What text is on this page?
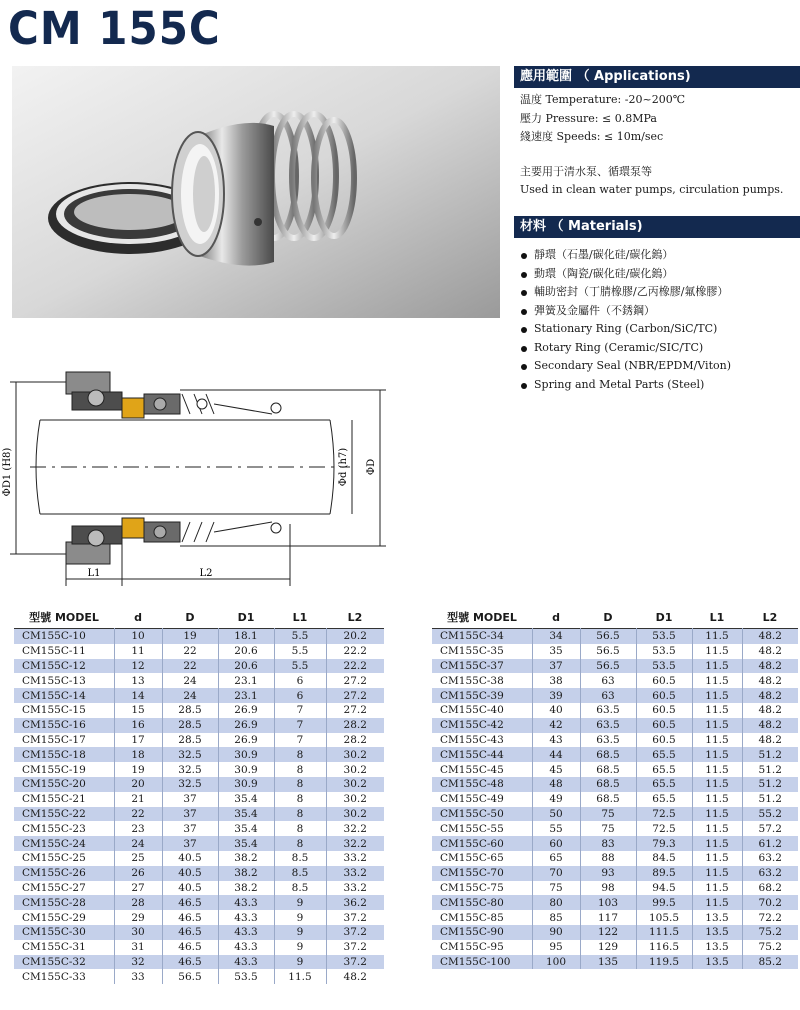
CM 155C
應用範圍 （ Applications)
温度 Temperature: -20~200℃
壓力 Pressure: ≤ 0.8MPa
綫速度 Speeds: ≤ 10m/sec
主要用于清水泵、循環泵等
Used in clean water pumps, circulation pumps.
材料 （ Materials)
靜環（石墨/碳化硅/碳化鎢）
動環（陶瓷/碳化硅/碳化鎢）
輔助密封（丁腈橡膠/乙丙橡膠/氟橡膠）
彈簧及金屬件（不銹鋼）
Stationary Ring (Carbon/SiC/TC)
Rotary Ring (Ceramic/SIC/TC)
Secondary Seal (NBR/EPDM/Viton)
Spring and Metal Parts (Steel)
ΦD1 (H8)	Φd (h7) ΦD
L1	L2
型號 MODEL	d	D	D1	L1	L2
CM155C-10	10	19	18.1	5.5	20.2
CM155C-11	11	22	20.6	5.5	22.2
CM155C-12	12	22	20.6	5.5	22.2
CM155C-13	13	24	23.1	6	27.2
CM155C-14	14	24	23.1	6	27.2
CM155C-15	15	28.5	26.9	7	27.2
CM155C-16	16	28.5	26.9	7	28.2
CM155C-17	17	28.5	26.9	7	28.2
CM155C-18	18	32.5	30.9	8	30.2
CM155C-19	19	32.5	30.9	8	30.2
CM155C-20	20	32.5	30.9	8	30.2
CM155C-21	21	37	35.4	8	30.2
CM155C-22	22	37	35.4	8	30.2
CM155C-23	23	37	35.4	8	32.2
CM155C-24	24	37	35.4	8	32.2
CM155C-25	25	40.5	38.2	8.5	33.2
CM155C-26	26	40.5	38.2	8.5	33.2
CM155C-27	27	40.5	38.2	8.5	33.2
CM155C-28	28	46.5	43.3	9	36.2
CM155C-29	29	46.5	43.3	9	37.2
CM155C-30	30	46.5	43.3	9	37.2
CM155C-31	31	46.5	43.3	9	37.2
CM155C-32	32	46.5	43.3	9	37.2
CM155C-33	33	56.5	53.5	11.5	48.2
型號 MODEL	d	D	D1	L1	L2
CM155C-34	34	56.5	53.5	11.5	48.2
CM155C-35	35	56.5	53.5	11.5	48.2
CM155C-37	37	56.5	53.5	11.5	48.2
CM155C-38	38	63	60.5	11.5	48.2
CM155C-39	39	63	60.5	11.5	48.2
CM155C-40	40	63.5	60.5	11.5	48.2
CM155C-42	42	63.5	60.5	11.5	48.2
CM155C-43	43	63.5	60.5	11.5	48.2
CM155C-44	44	68.5	65.5	11.5	51.2
CM155C-45	45	68.5	65.5	11.5	51.2
CM155C-48	48	68.5	65.5	11.5	51.2
CM155C-49	49	68.5	65.5	11.5	51.2
CM155C-50	50	75	72.5	11.5	55.2
CM155C-55	55	75	72.5	11.5	57.2
CM155C-60	60	83	79.3	11.5	61.2
CM155C-65	65	88	84.5	11.5	63.2
CM155C-70	70	93	89.5	11.5	63.2
CM155C-75	75	98	94.5	11.5	68.2
CM155C-80	80	103	99.5	11.5	70.2
CM155C-85	85	117	105.5	13.5	72.2
CM155C-90	90	122	111.5	13.5	75.2
CM155C-95	95	129	116.5	13.5	75.2
CM155C-100	100	135	119.5	13.5	85.2
